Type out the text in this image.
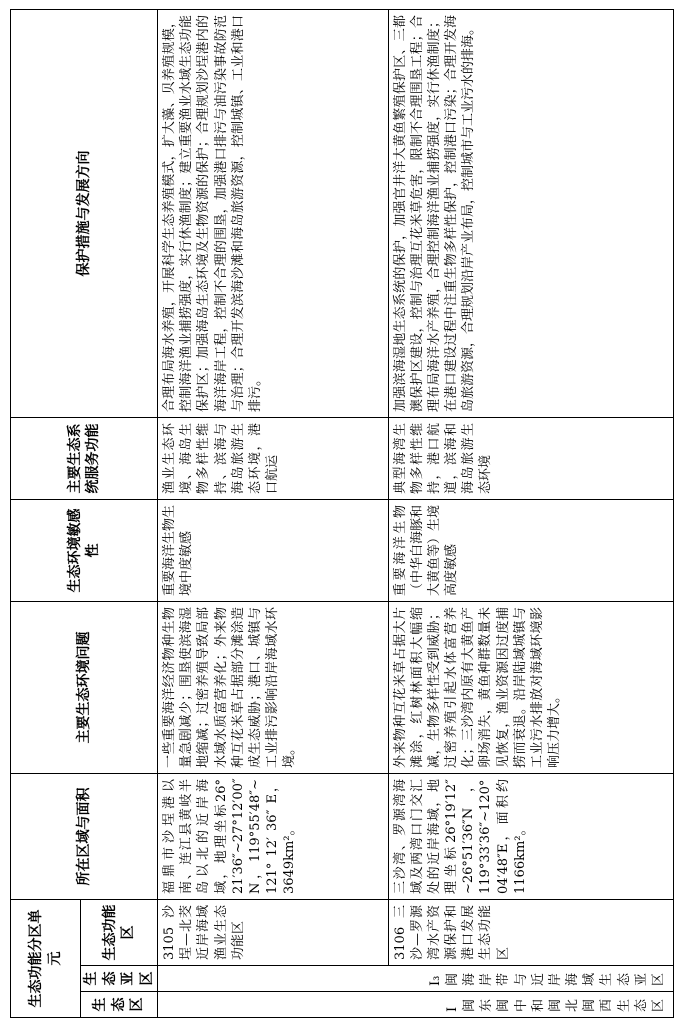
生态功能分区单元			所在区域与面积	主要生态环境问题	生态环境敏感性	主要生态系统服务功能	保护措施与发展方向
生态区	生态亚区	生态功能区					
Ⅰ闽东闽中和闽北闽西生态区	Ⅰ₃闽海岸带与近岸海域生态亚区	3105沙埕—北茭近岸海域渔业生态功能区	福鼎市沙埕港以南、连江县黄岐半岛以北的近岸海域，地理坐标26° 21′36″~27°12′00″ N，119°55′48″~ 121° 12′ 36″ E，3649km²。	一些重要海洋经济物种生物量急剧减少；围垦使滨海湿地缩减；过密养殖导致局部水域水质富营养化；外来物种互花米草占据部分滩涂造成生态威胁；港口、城镇与工业排污影响沿岸海域水环境。	重要海洋生物生境中度敏感	渔业生态环境、海岛生物多样性维持、滨海与海岛旅游生态环境，港口航运	合理布局海水养殖，开展科学生态养殖模式，扩大藻、贝养殖规模，控制海洋渔业捕捞强度，实行休渔制度；建立重要渔业水域生态功能保护区；加强海岛生态环境及生物资源的保护；合理规划沙埕港内的海洋海岸工程，控制不合理的围垦，加强港口排污与油污染事故防范与治理；合理开发滨海沙滩和海岛旅游资源，控制城镇、工业和港口排污。
		3106三沙—罗源湾水产资源保护和港口发展生态功能区	三沙湾、罗源湾海域及两湾口门交汇处的近岸海域，地理坐标26°19′12″ ~26°51′36″N，119°33′36″~120° 04′48″E，面积约1166km²。	外来物种互花米草占据大片滩涂，红树林面积大幅缩减，生物多样性受到威胁；过密养殖引起水体富营养化；三沙湾内原有大黄鱼产卵场消失，黄鱼种群数量未见恢复，渔业资源因过度捕捞而衰退。沿岸陆域城镇与工业污水排放对海域环境影响压力增大。	重要海洋生物（中华白海豚和大黄鱼等）生境高度敏感	典型海湾生物多样性维持，港口航道，滨海和海岛旅游生态环境	加强滨海湿地生态系统的保护，加强官井洋大黄鱼繁殖保护区、三都澳保护区建设，控制与治理互花米草危害，限制不合理围垦工程；合理布局海洋水产养殖，合理控制海洋渔业捕捞强度，实行休渔制度；在港口建设过程中注重生物多样性保护，控制港口污染；合理开发海岛旅游资源，合理规划沿岸产业布局，控制城市与工业污水的排海。
